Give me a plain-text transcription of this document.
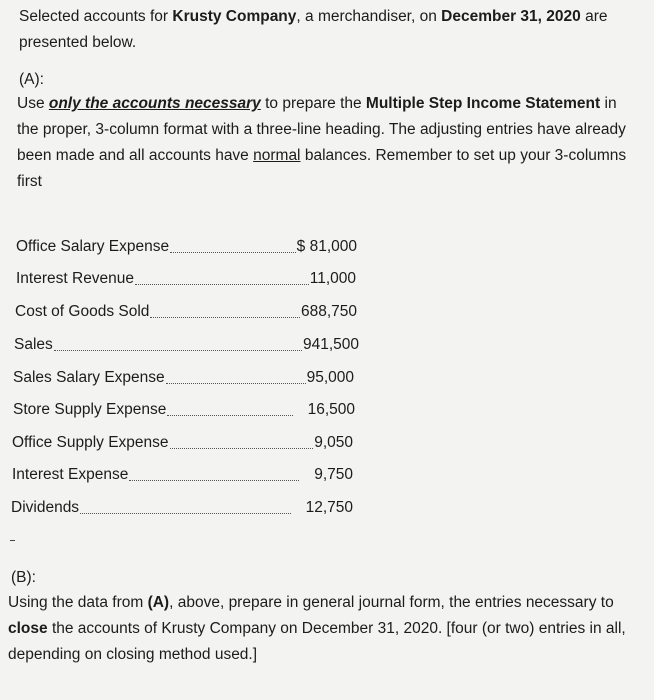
Selected accounts for Krusty Company, a merchandiser, on December 31, 2020 are presented below.
(A):
Use only the accounts necessary to prepare the Multiple Step Income Statement in the proper, 3-column format with a three-line heading. The adjusting entries have already been made and all accounts have normal balances. Remember to set up your 3-columns first
Office Salary Expense	$ 81,000
Interest Revenue	11,000
Cost of Goods Sold	688,750
Sales	941,500
Sales Salary Expense	95,000
Store Supply Expense	16,500
Office Supply Expense	9,050
Interest Expense	9,750
Dividends	12,750
(B):
Using the data from (A), above, prepare in general journal form, the entries necessary to close the accounts of Krusty Company on December 31, 2020. [four (or two) entries in all, depending on closing method used.]
